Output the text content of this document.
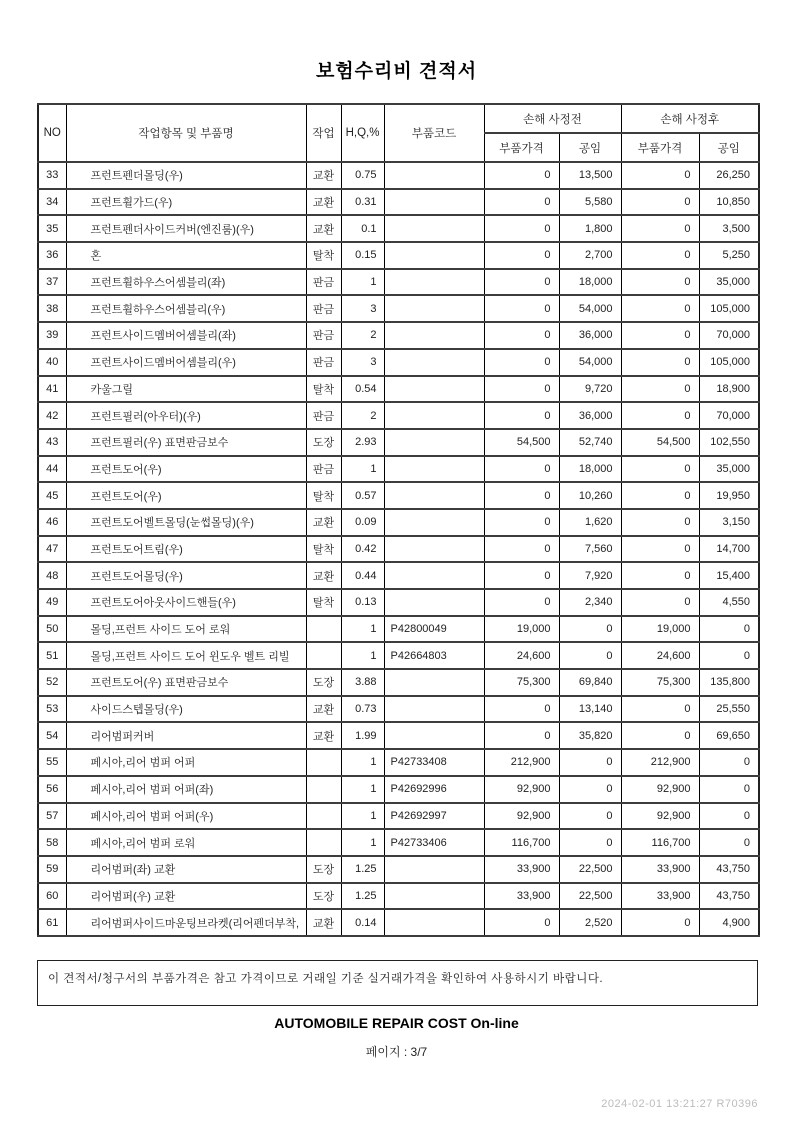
보험수리비 견적서
NO	작업항목 및 부품명	작업	H,Q,%	부품코드	손해 사정전		손해 사정후	
					부품가격	공임	부품가격	공임
33	프런트펜더몰딩(우)	교환	0.75		0	13,500	0	26,250
34	프런트휠가드(우)	교환	0.31		0	5,580	0	10,850
35	프런트펜더사이드커버(엔진룸)(우)	교환	0.1		0	1,800	0	3,500
36	혼	탈착	0.15		0	2,700	0	5,250
37	프런트휠하우스어셈블리(좌)	판금	1		0	18,000	0	35,000
38	프런트휠하우스어셈블리(우)	판금	3		0	54,000	0	105,000
39	프런트사이드멤버어셈블리(좌)	판금	2		0	36,000	0	70,000
40	프런트사이드멤버어셈블리(우)	판금	3		0	54,000	0	105,000
41	카울그릴	탈착	0.54		0	9,720	0	18,900
42	프런트필러(아우터)(우)	판금	2		0	36,000	0	70,000
43	프런트필러(우) 표면판금보수	도장	2.93		54,500	52,740	54,500	102,550
44	프런트도어(우)	판금	1		0	18,000	0	35,000
45	프런트도어(우)	탈착	0.57		0	10,260	0	19,950
46	프런트도어벨트몰딩(눈썹몰딩)(우)	교환	0.09		0	1,620	0	3,150
47	프런트도어트림(우)	탈착	0.42		0	7,560	0	14,700
48	프런트도어몰딩(우)	교환	0.44		0	7,920	0	15,400
49	프런트도어아웃사이드핸들(우)	탈착	0.13		0	2,340	0	4,550
50	몰딩,프런트 사이드 도어 로워		1	P42800049	19,000	0	19,000	0
51	몰딩,프런트 사이드 도어 윈도우 벨트 리빌		1	P42664803	24,600	0	24,600	0
52	프런트도어(우) 표면판금보수	도장	3.88		75,300	69,840	75,300	135,800
53	사이드스텝몰딩(우)	교환	0.73		0	13,140	0	25,550
54	리어범퍼커버	교환	1.99		0	35,820	0	69,650
55	페시아,리어 범퍼 어퍼		1	P42733408	212,900	0	212,900	0
56	페시아,리어 범퍼 어퍼(좌)		1	P42692996	92,900	0	92,900	0
57	페시아,리어 범퍼 어퍼(우)		1	P42692997	92,900	0	92,900	0
58	페시아,리어 범퍼 로워		1	P42733406	116,700	0	116,700	0
59	리어범퍼(좌) 교환	도장	1.25		33,900	22,500	33,900	43,750
60	리어범퍼(우) 교환	도장	1.25		33,900	22,500	33,900	43,750
61	리어범퍼사이드마운팅브라켓(리어펜더부착,	교환	0.14		0	2,520	0	4,900
이 견적서/청구서의 부품가격은 참고 가격이므로 거래일 기준 실거래가격을 확인하여 사용하시기 바랍니다.
AUTOMOBILE REPAIR COST On-line
페이지 : 3/7
2024-02-01 13:21:27 R70396
